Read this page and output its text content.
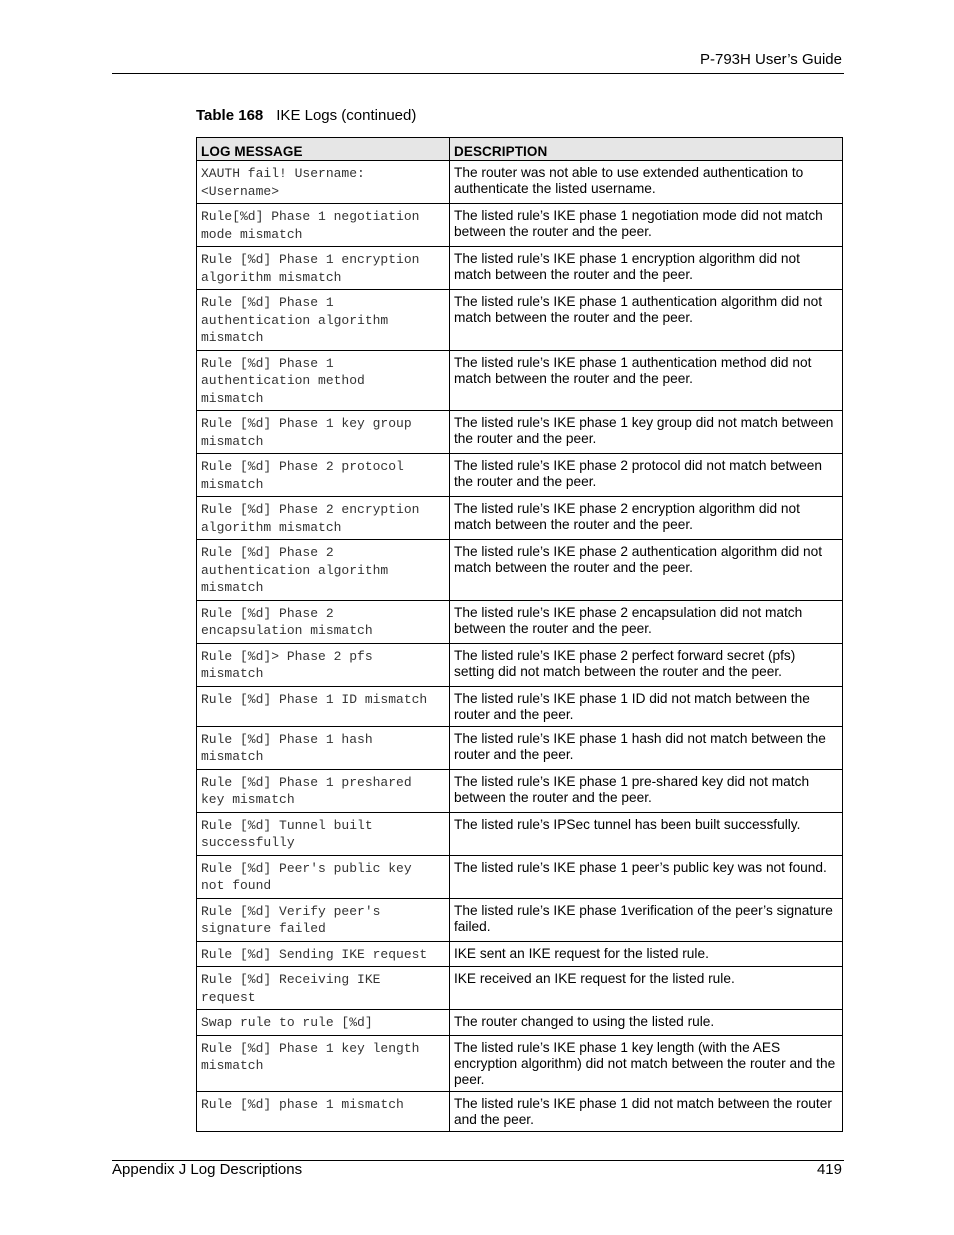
P-793H User’s Guide
Table 168 IKE Logs (continued)
LOG MESSAGE	DESCRIPTION
XAUTH fail! Username:
<Username>	The router was not able to use extended authentication to authenticate the listed username.
Rule[%d] Phase 1 negotiation
mode mismatch	The listed rule’s IKE phase 1 negotiation mode did not match between the router and the peer.
Rule [%d] Phase 1 encryption
algorithm mismatch	The listed rule’s IKE phase 1 encryption algorithm did not match between the router and the peer.
Rule [%d] Phase 1
authentication algorithm
mismatch	The listed rule’s IKE phase 1 authentication algorithm did not match between the router and the peer.
Rule [%d] Phase 1
authentication method
mismatch	The listed rule’s IKE phase 1 authentication method did not match between the router and the peer.
Rule [%d] Phase 1 key group
mismatch	The listed rule’s IKE phase 1 key group did not match between the router and the peer.
Rule [%d] Phase 2 protocol
mismatch	The listed rule’s IKE phase 2 protocol did not match between the router and the peer.
Rule [%d] Phase 2 encryption
algorithm mismatch	The listed rule’s IKE phase 2 encryption algorithm did not match between the router and the peer.
Rule [%d] Phase 2
authentication algorithm
mismatch	The listed rule’s IKE phase 2 authentication algorithm did not match between the router and the peer.
Rule [%d] Phase 2
encapsulation mismatch	The listed rule’s IKE phase 2 encapsulation did not match between the router and the peer.
Rule [%d]> Phase 2 pfs
mismatch	The listed rule’s IKE phase 2 perfect forward secret (pfs) setting did not match between the router and the peer.
Rule [%d] Phase 1 ID mismatch	The listed rule’s IKE phase 1 ID did not match between the router and the peer.
Rule [%d] Phase 1 hash
mismatch	The listed rule’s IKE phase 1 hash did not match between the router and the peer.
Rule [%d] Phase 1 preshared
key mismatch	The listed rule’s IKE phase 1 pre-shared key did not match between the router and the peer.
Rule [%d] Tunnel built
successfully	The listed rule’s IPSec tunnel has been built successfully.
Rule [%d] Peer's public key
not found	The listed rule’s IKE phase 1 peer’s public key was not found.
Rule [%d] Verify peer's
signature failed	The listed rule’s IKE phase 1verification of the peer’s signature failed.
Rule [%d] Sending IKE request	IKE sent an IKE request for the listed rule.
Rule [%d] Receiving IKE
request	IKE received an IKE request for the listed rule.
Swap rule to rule [%d]	The router changed to using the listed rule.
Rule [%d] Phase 1 key length
mismatch	The listed rule’s IKE phase 1 key length (with the AES encryption algorithm) did not match between the router and the peer.
Rule [%d] phase 1 mismatch	The listed rule’s IKE phase 1 did not match between the router and the peer.
Appendix J Log Descriptions	419
